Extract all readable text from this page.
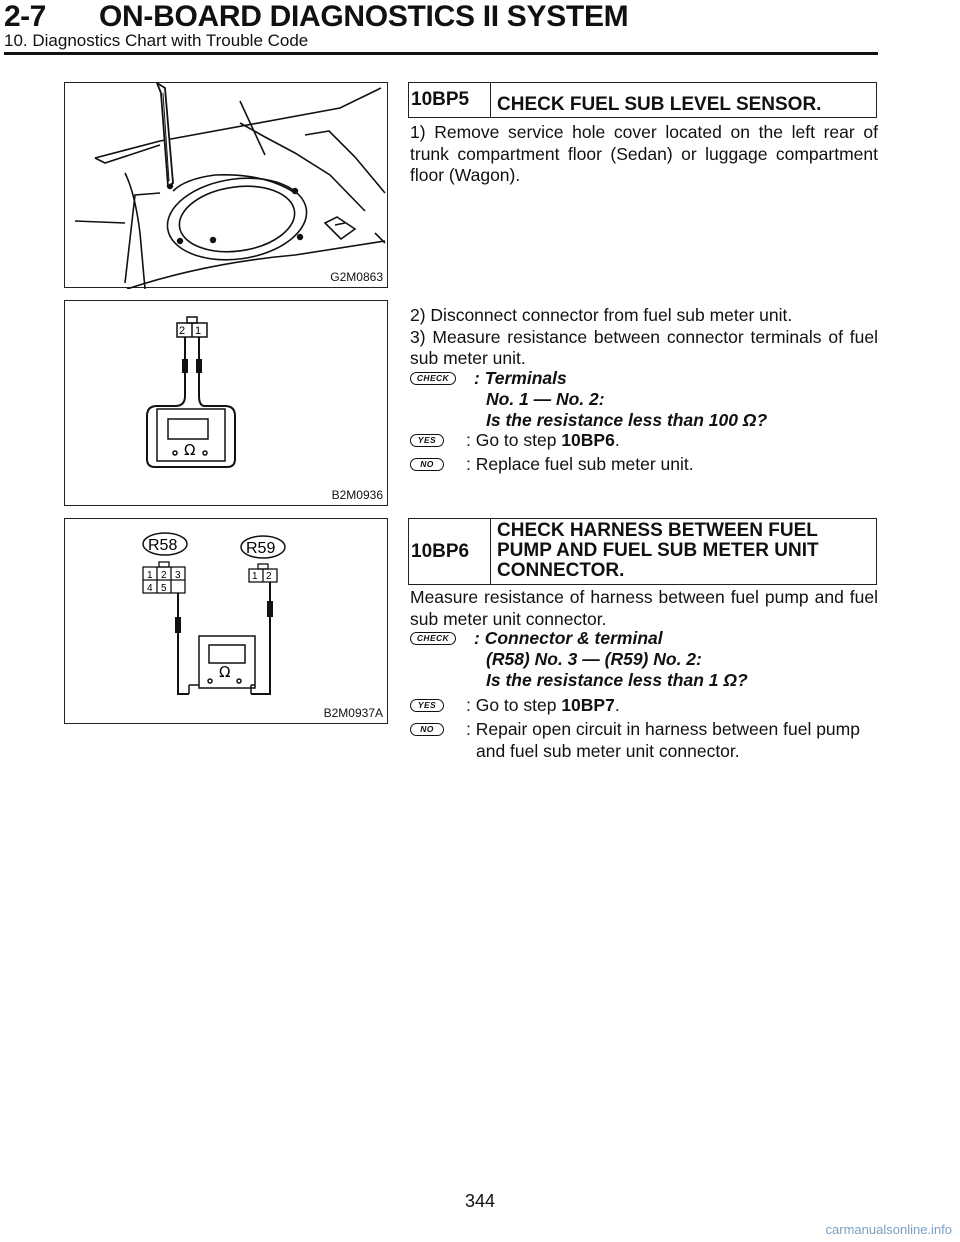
2-7 ON-BOARD DIAGNOSTICS II SYSTEM
10. Diagnostics Chart with Trouble Code
G2M0863
2 1
Ω
B2M0936
R58	R59
1 2 3
4 5
1 2
Ω
B2M0937A
10BP5	CHECK FUEL SUB LEVEL SENSOR.

1) Remove service hole cover located on the left rear of trunk compartment floor (Sedan) or luggage compartment floor (Wagon).

2) Disconnect connector from fuel sub meter unit.

3) Measure resistance between connector terminals of fuel sub meter unit.

CHECK	: Terminals
No. 1 — No. 2:
Is the resistance less than 100 Ω?
YES	: Go to step 10BP6.
NO	: Replace fuel sub meter unit.
10BP6
CHECK HARNESS BETWEEN FUEL
PUMP AND FUEL SUB METER UNIT
CONNECTOR.

Measure resistance of harness between fuel pump and fuel sub meter unit connector.

CHECK	: Connector & terminal
(R58) No. 3 — (R59) No. 2:
Is the resistance less than 1 Ω?
YES	: Go to step 10BP7.
NO	: Repair open circuit in harness between fuel pump
and fuel sub meter unit connector.
344
carmanualsonline.info
